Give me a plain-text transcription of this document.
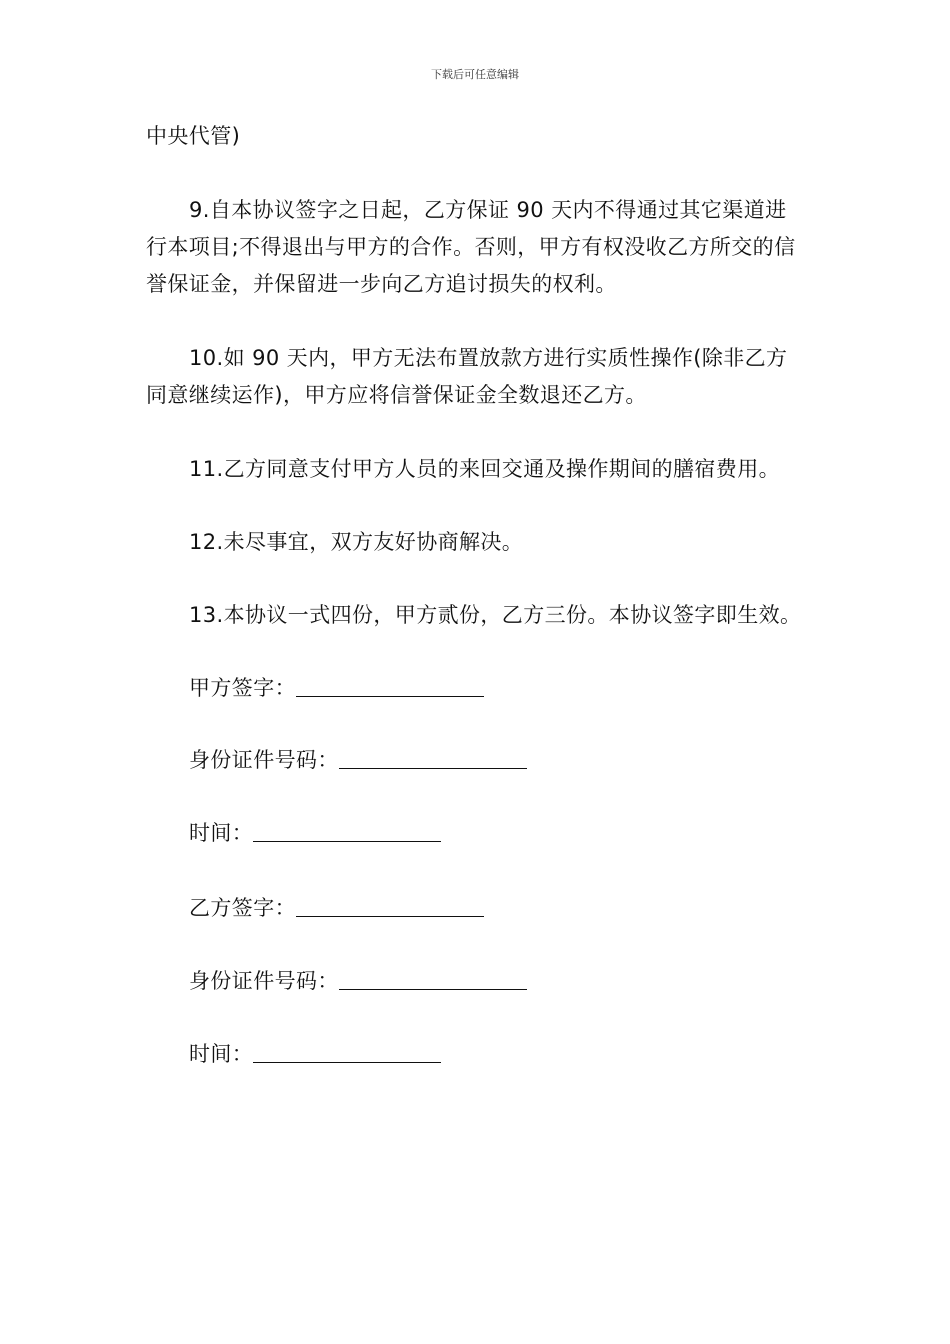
下载后可任意编辑

中央代管)

9.自本协议签字之日起，乙方保证 90 天内不得通过其它渠道进行本项目;不得退出与甲方的合作。否则，甲方有权没收乙方所交的信誉保证金，并保留进一步向乙方追讨损失的权利。

10.如 90 天内，甲方无法布置放款方进行实质性操作(除非乙方同意继续运作)，甲方应将信誉保证金全数退还乙方。

11.乙方同意支付甲方人员的来回交通及操作期间的膳宿费用。

12.未尽事宜，双方友好协商解决。

13.本协议一式四份，甲方贰份，乙方三份。本协议签字即生效。

甲方签字：
身份证件号码：
时间：
乙方签字：
身份证件号码：
时间：
